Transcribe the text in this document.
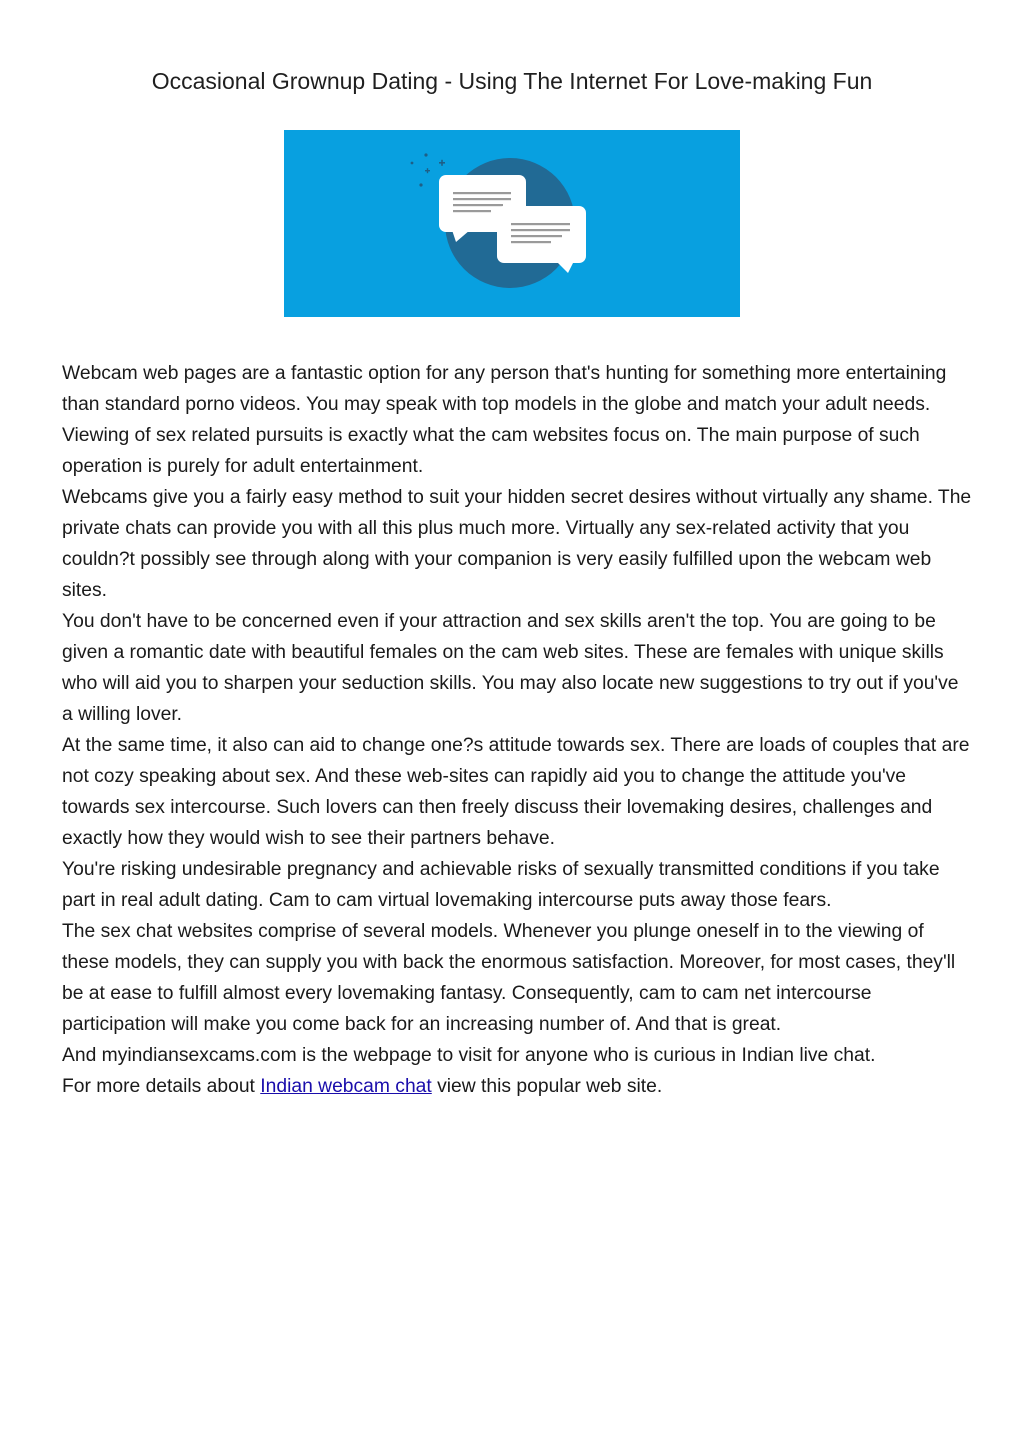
Occasional Grownup Dating - Using The Internet For Love-making Fun

Webcam web pages are a fantastic option for any person that's hunting for something more entertaining than standard porno videos. You may speak with top models in the globe and match your adult needs.

Viewing of sex related pursuits is exactly what the cam websites focus on. The main purpose of such operation is purely for adult entertainment.

Webcams give you a fairly easy method to suit your hidden secret desires without virtually any shame. The private chats can provide you with all this plus much more. Virtually any sex-related activity that you couldn?t possibly see through along with your companion is very easily fulfilled upon the webcam web sites.

You don't have to be concerned even if your attraction and sex skills aren't the top. You are going to be given a romantic date with beautiful females on the cam web sites. These are females with unique skills who will aid you to sharpen your seduction skills. You may also locate new suggestions to try out if you've a willing lover.

At the same time, it also can aid to change one?s attitude towards sex. There are loads of couples that are not cozy speaking about sex. And these web-sites can rapidly aid you to change the attitude you've towards sex intercourse. Such lovers can then freely discuss their lovemaking desires, challenges and exactly how they would wish to see their partners behave.

You're risking undesirable pregnancy and achievable risks of sexually transmitted conditions if you take part in real adult dating. Cam to cam virtual lovemaking intercourse puts away those fears.

The sex chat websites comprise of several models. Whenever you plunge oneself in to the viewing of these models, they can supply you with back the enormous satisfaction. Moreover, for most cases, they'll be at ease to fulfill almost every lovemaking fantasy. Consequently, cam to cam net intercourse participation will make you come back for an increasing number of. And that is great.

And myindiansexcams.com is the webpage to visit for anyone who is curious in Indian live chat.

For more details about Indian webcam chat view this popular web site.
